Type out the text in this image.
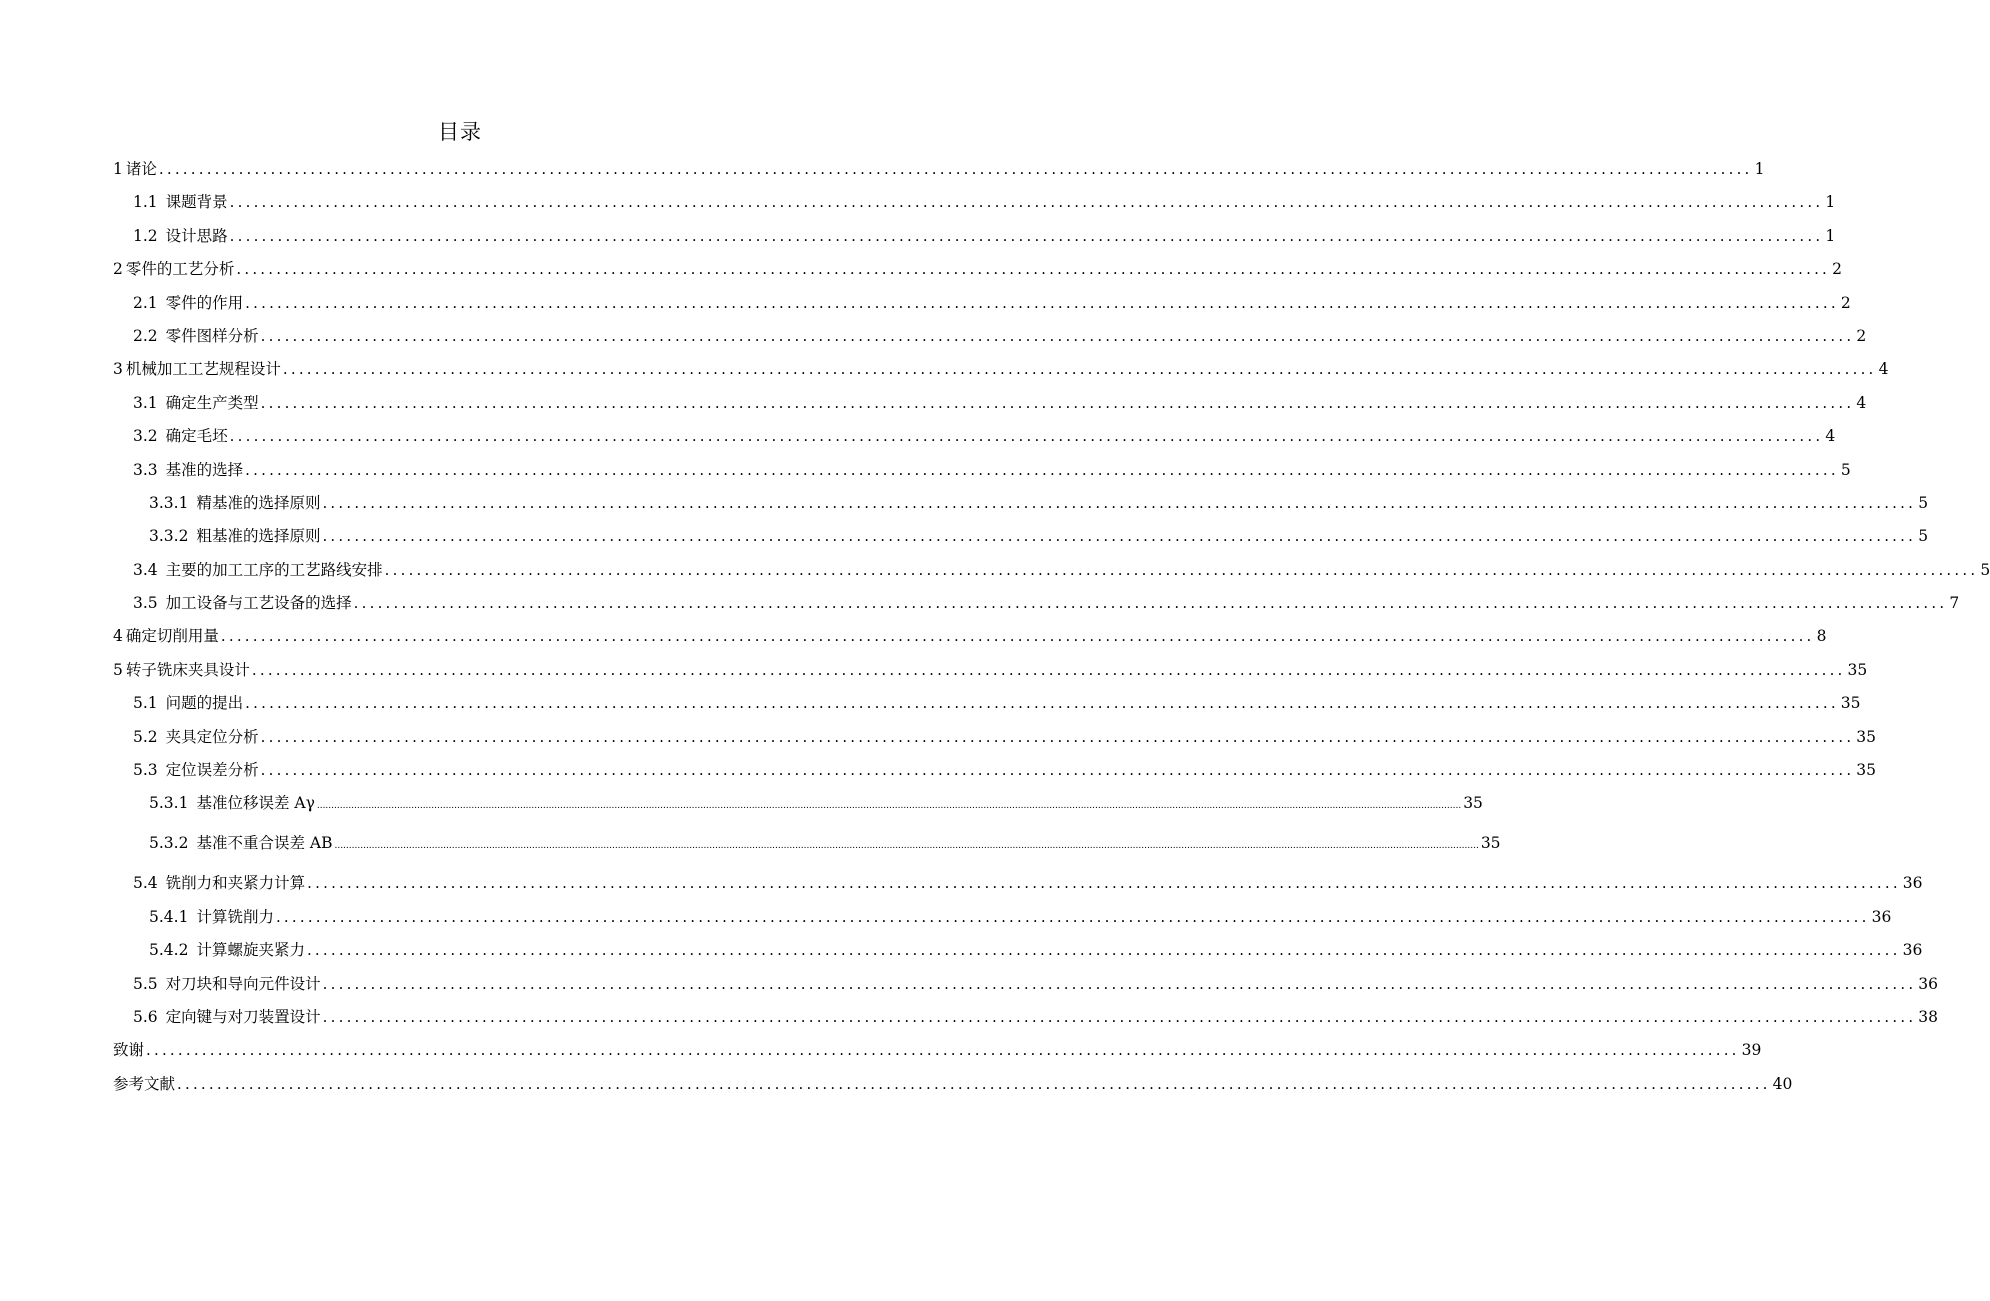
目录
1 诸论 ........................................................................................................................................................................................................ 1
1.1 课题背景 ........................................................................................................................................................................................................ 1
1.2 设计思路 ........................................................................................................................................................................................................ 1
2 零件的工艺分析 ........................................................................................................................................................................................................ 2
2.1 零件的作用 ........................................................................................................................................................................................................ 2
2.2 零件图样分析 ........................................................................................................................................................................................................ 2
3 机械加工工艺规程设计 ........................................................................................................................................................................................................ 4
3.1 确定生产类型 ........................................................................................................................................................................................................ 4
3.2 确定毛坯 ........................................................................................................................................................................................................ 4
3.3 基准的选择 ........................................................................................................................................................................................................ 5
3.3.1 精基准的选择原则 ........................................................................................................................................................................................................ 5
3.3.2 粗基准的选择原则 ........................................................................................................................................................................................................ 5
3.4 主要的加工工序的工艺路线安排 ........................................................................................................................................................................................................ 5
3.5 加工设备与工艺设备的选择 ........................................................................................................................................................................................................ 7
4 确定切削用量 ........................................................................................................................................................................................................ 8
5 转子铣床夹具设计 ........................................................................................................................................................................................................ 35
5.1 问题的提出 ........................................................................................................................................................................................................ 35
5.2 夹具定位分析 ........................................................................................................................................................................................................ 35
5.3 定位误差分析 ........................................................................................................................................................................................................ 35
5.3.1 基准位移误差 Aγ ................................................................................................................................................................................................................................................................................................................................................................................................................ 35
5.3.2 基准不重合误差 AB ................................................................................................................................................................................................................................................................................................................................................................................................................ 35
5.4 铣削力和夹紧力计算 ........................................................................................................................................................................................................ 36
5.4.1 计算铣削力 ........................................................................................................................................................................................................ 36
5.4.2 计算螺旋夹紧力 ........................................................................................................................................................................................................ 36
5.5 对刀块和导向元件设计 ........................................................................................................................................................................................................ 36
5.6 定向键与对刀装置设计 ........................................................................................................................................................................................................ 38
致谢 ........................................................................................................................................................................................................ 39
参考文献 ........................................................................................................................................................................................................ 40
